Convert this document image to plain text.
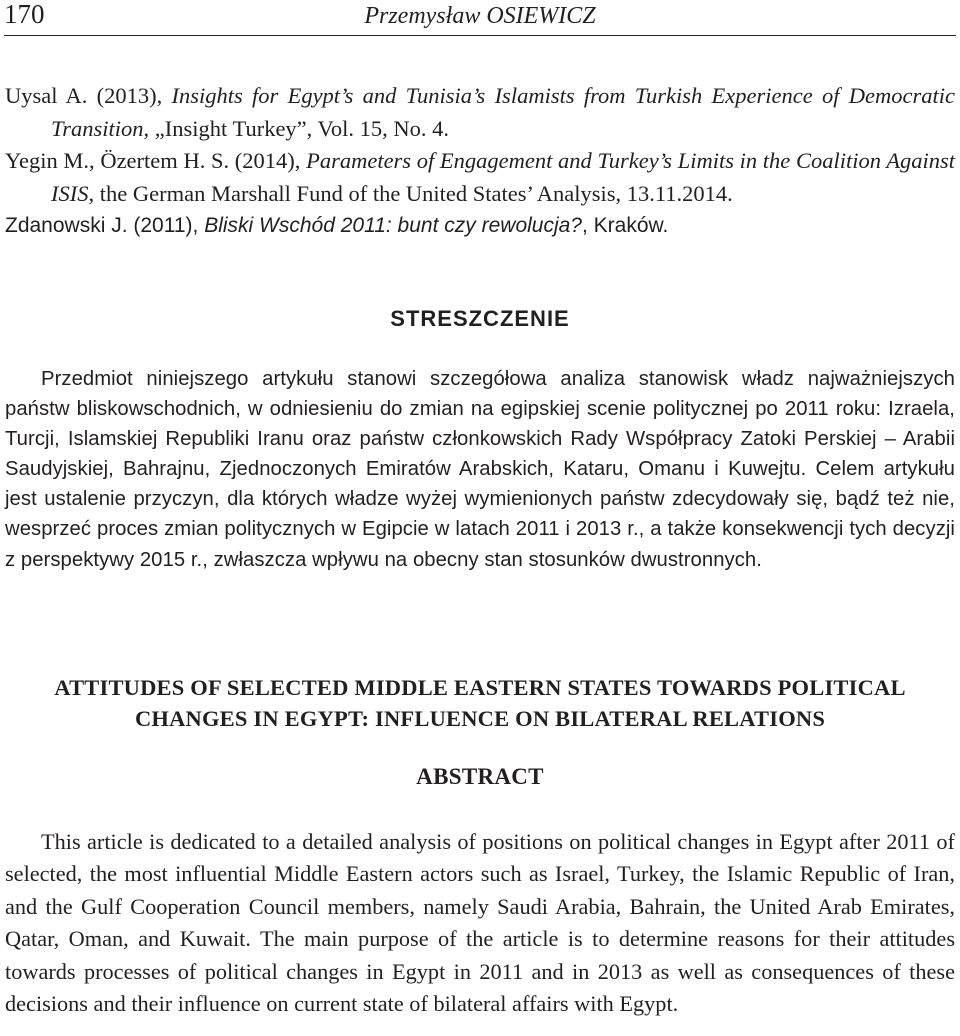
170	Przemysław OSIEWICZ

Uysal A. (2013), Insights for Egypt’s and Tunisia’s Islamists from Turkish Experience of Democratic Transition, „Insight Turkey”, Vol. 15, No. 4.

Yegin M., Özertem H. S. (2014), Parameters of Engagement and Turkey’s Limits in the Coalition Against ISIS, the German Marshall Fund of the United States’ Analysis, 13.11.2014.

Zdanowski J. (2011), Bliski Wschód 2011: bunt czy rewolucja?, Kraków.

STRESZCZENIE

Przedmiot niniejszego artykułu stanowi szczegółowa analiza stanowisk władz najważniejszych państw bliskowschodnich, w odniesieniu do zmian na egipskiej scenie politycznej po 2011 roku: Izraela, Turcji, Islamskiej Republiki Iranu oraz państw członkowskich Rady Współpracy Zatoki Perskiej – Arabii Saudyjskiej, Bahrajnu, Zjednoczonych Emiratów Arabskich, Kataru, Omanu i Kuwejtu. Celem artykułu jest ustalenie przyczyn, dla których władze wyżej wymienionych państw zdecydowały się, bądź też nie, wesprzeć proces zmian politycznych w Egipcie w latach 2011 i 2013 r., a także konsekwencji tych decyzji z perspektywy 2015 r., zwłaszcza wpływu na obecny stan stosunków dwustronnych.

ATTITUDES OF SELECTED MIDDLE EASTERN STATES TOWARDS POLITICAL
CHANGES IN EGYPT: INFLUENCE ON BILATERAL RELATIONS
ABSTRACT

This article is dedicated to a detailed analysis of positions on political changes in Egypt after 2011 of selected, the most influential Middle Eastern actors such as Israel, Turkey, the Islamic Republic of Iran, and the Gulf Cooperation Council members, namely Saudi Arabia, Bahrain, the United Arab Emirates, Qatar, Oman, and Kuwait. The main purpose of the article is to determine reasons for their attitudes towards processes of political changes in Egypt in 2011 and in 2013 as well as consequences of these decisions and their influence on current state of bilateral affairs with Egypt.
